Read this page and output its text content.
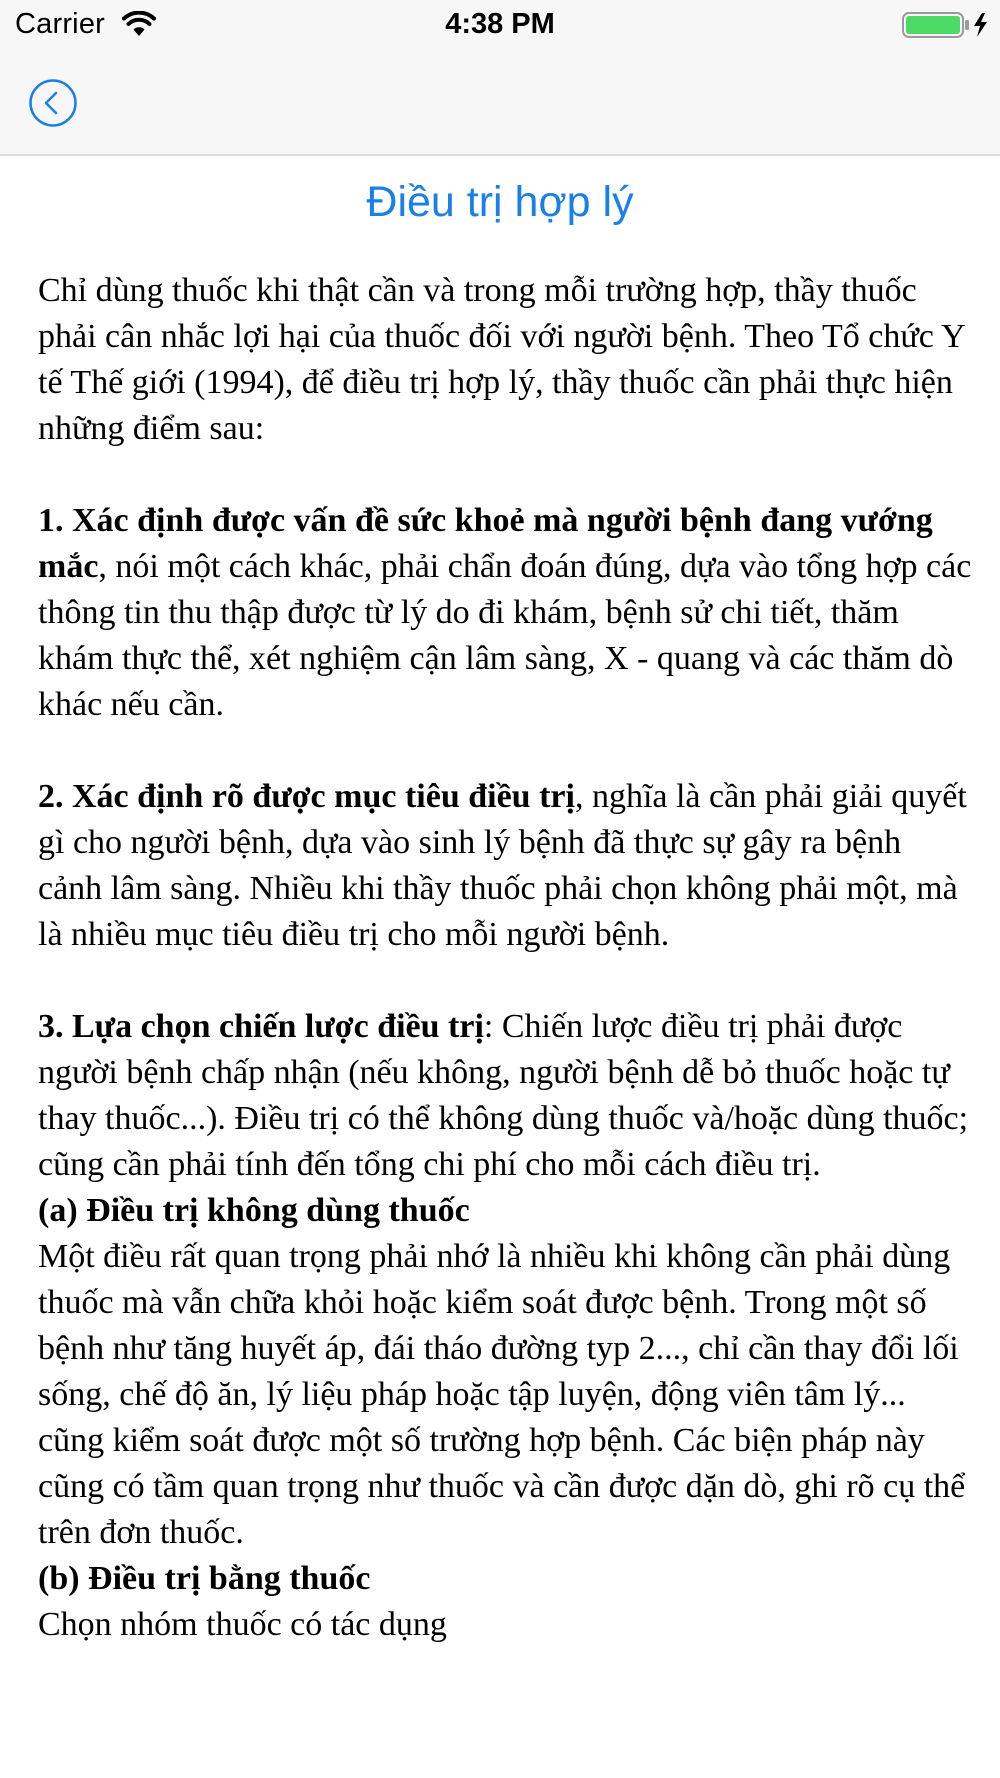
Carrier	4:38 PM
Điều trị hợp lý

Chỉ dùng thuốc khi thật cần và trong mỗi trường hợp, thầy thuốc phải cân nhắc lợi hại của thuốc đối với người bệnh. Theo Tổ chức Y tế Thế giới (1994), để điều trị hợp lý, thầy thuốc cần phải thực hiện những điểm sau:

1. Xác định được vấn đề sức khoẻ mà người bệnh đang vướng mắc, nói một cách khác, phải chẩn đoán đúng, dựa vào tổng hợp các thông tin thu thập được từ lý do đi khám, bệnh sử chi tiết, thăm khám thực thể, xét nghiệm cận lâm sàng, X - quang và các thăm dò khác nếu cần.

2. Xác định rõ được mục tiêu điều trị, nghĩa là cần phải giải quyết gì cho người bệnh, dựa vào sinh lý bệnh đã thực sự gây ra bệnh cảnh lâm sàng. Nhiều khi thầy thuốc phải chọn không phải một, mà là nhiều mục tiêu điều trị cho mỗi người bệnh.

3. Lựa chọn chiến lược điều trị: Chiến lược điều trị phải được người bệnh chấp nhận (nếu không, người bệnh dễ bỏ thuốc hoặc tự thay thuốc...). Điều trị có thể không dùng thuốc và/hoặc dùng thuốc; cũng cần phải tính đến tổng chi phí cho mỗi cách điều trị.

(a) Điều trị không dùng thuốc

Một điều rất quan trọng phải nhớ là nhiều khi không cần phải dùng thuốc mà vẫn chữa khỏi hoặc kiểm soát được bệnh. Trong một số bệnh như tăng huyết áp, đái tháo đường typ 2..., chỉ cần thay đổi lối sống, chế độ ăn, lý liệu pháp hoặc tập luyện, động viên tâm lý... cũng kiểm soát được một số trường hợp bệnh. Các biện pháp này cũng có tầm quan trọng như thuốc và cần được dặn dò, ghi rõ cụ thể trên đơn thuốc.

(b) Điều trị bằng thuốc

Chọn nhóm thuốc có tác dụng
